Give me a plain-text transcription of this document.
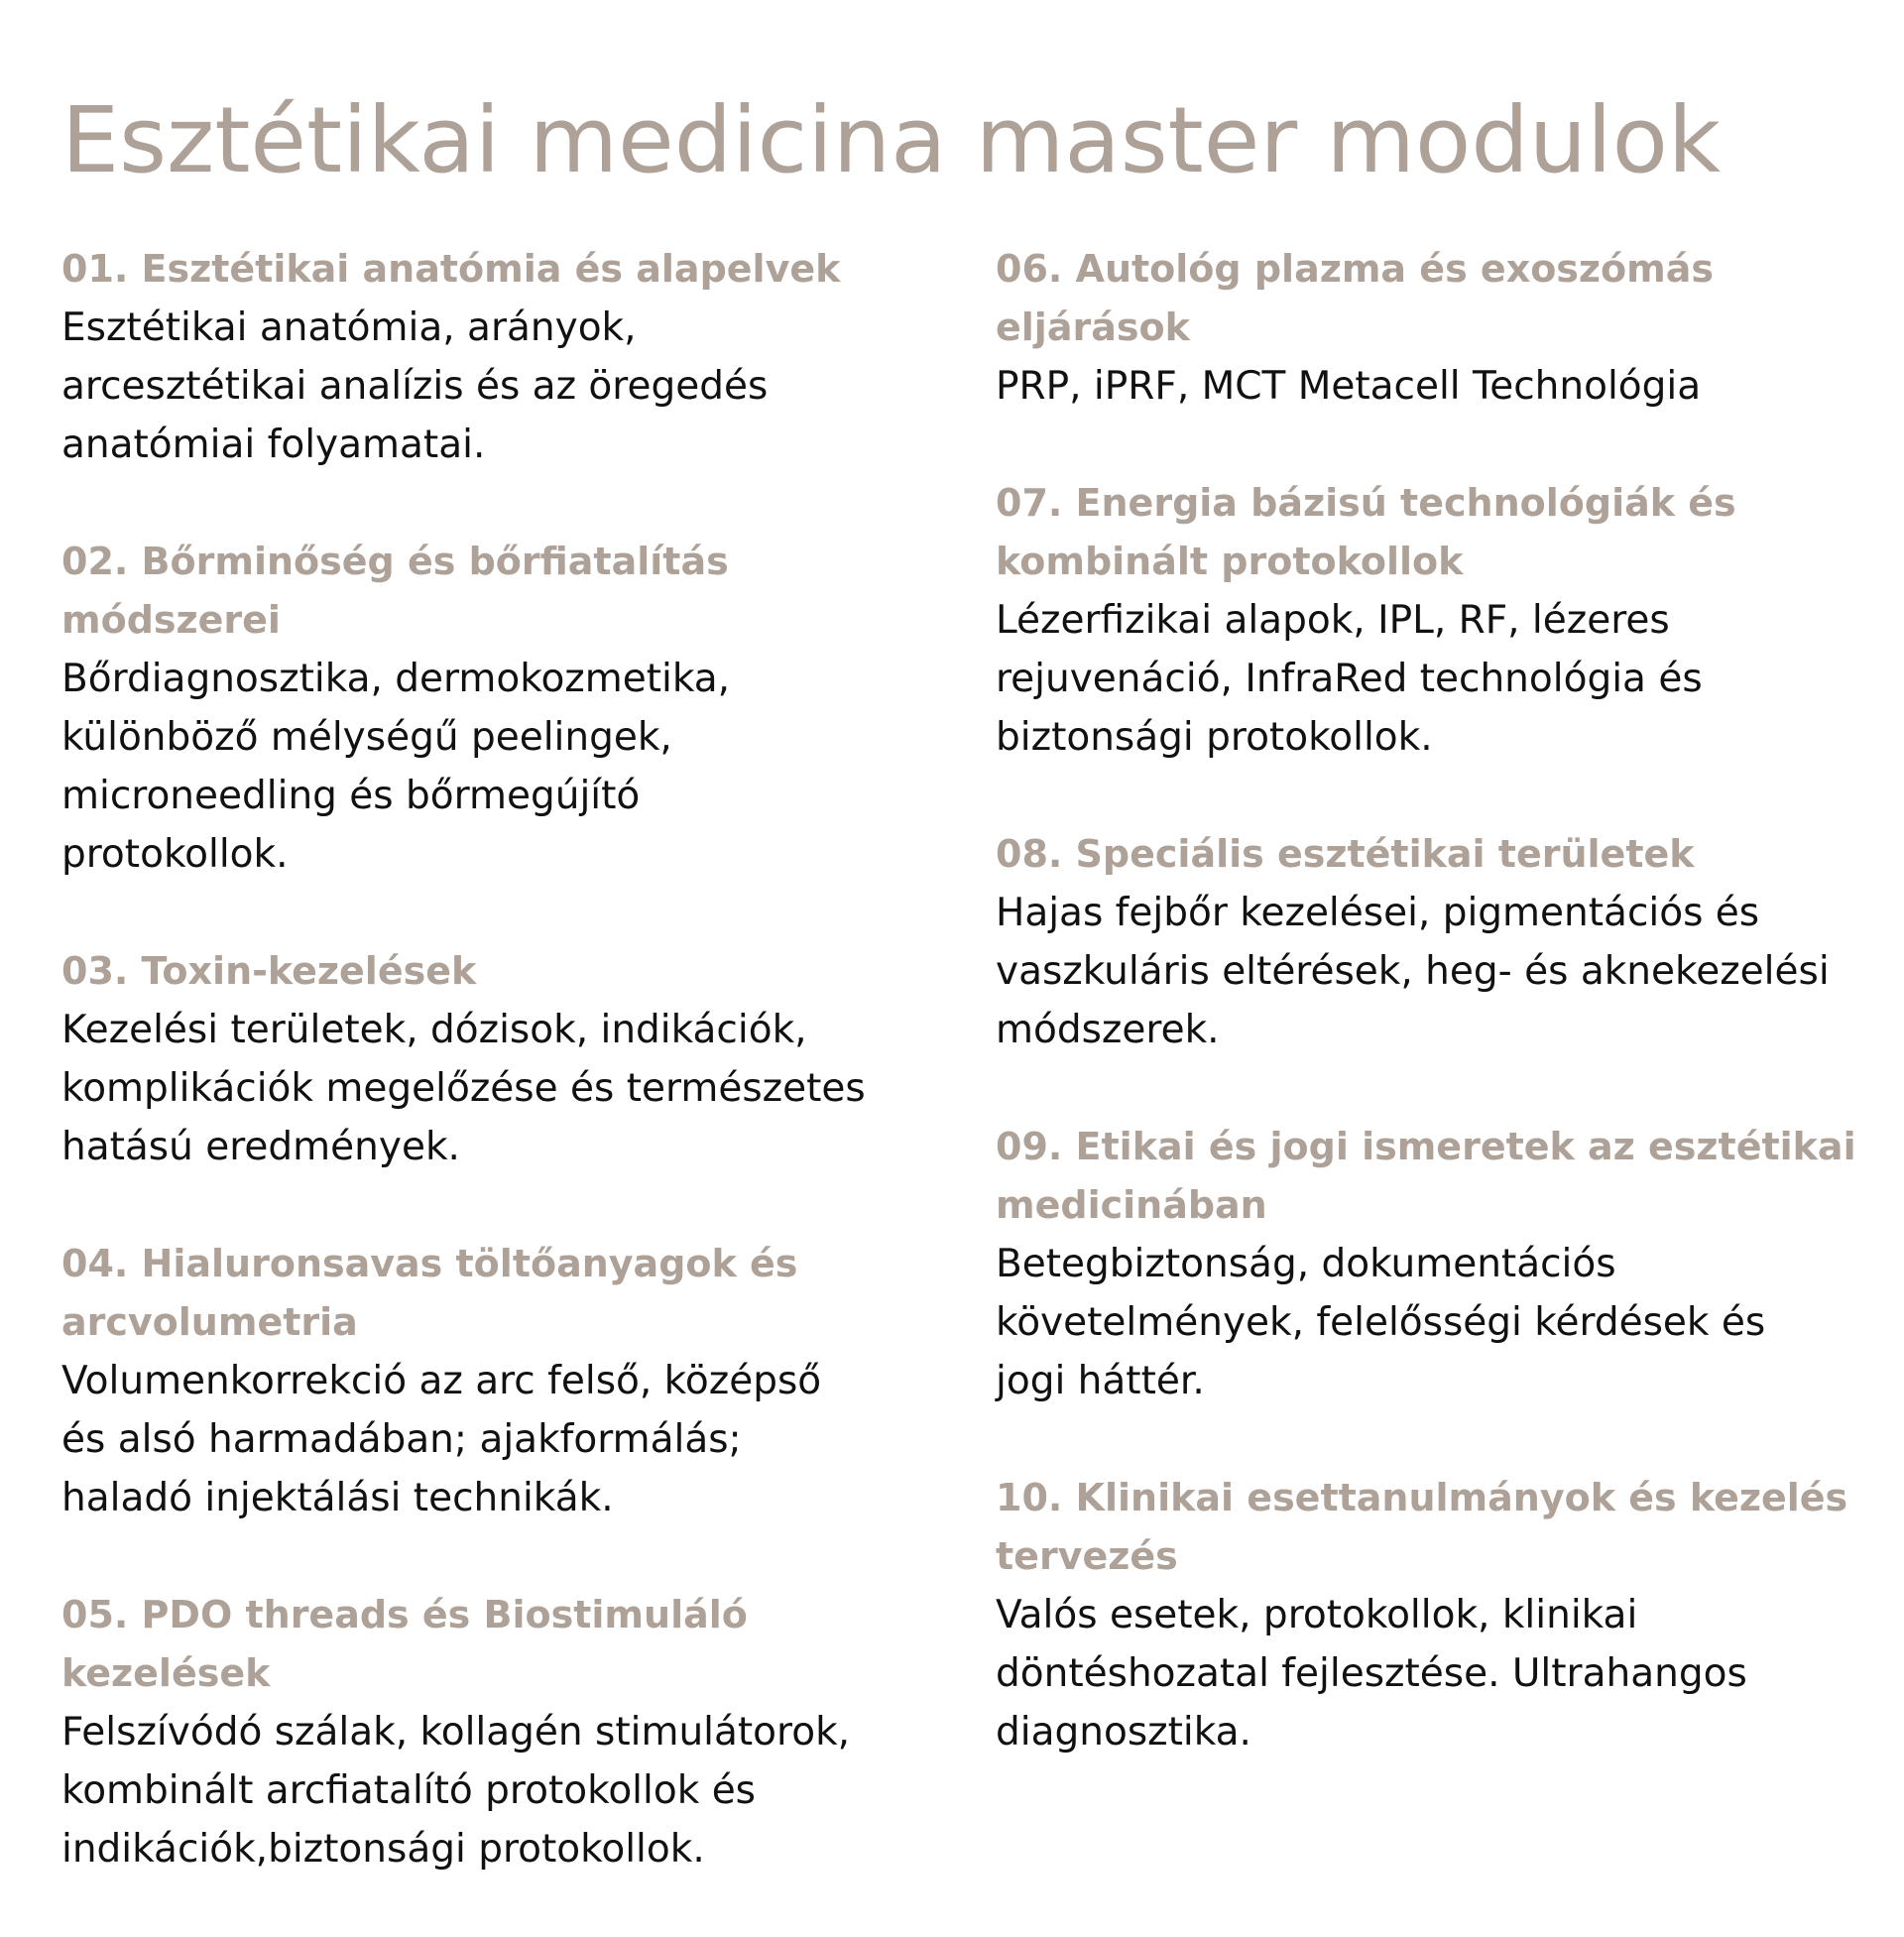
Esztétikai medicina master modulok
01. Esztétikai anatómia és alapelvek
Esztétikai anatómia, arányok,
arcesztétikai analízis és az öregedés
anatómiai folyamatai.
02. Bőrminőség és bőrfiatalítás
módszerei
Bőrdiagnosztika, dermokozmetika,
különböző mélységű peelingek,
microneedling és bőrmegújító
protokollok.
03. Toxin-kezelések
Kezelési területek, dózisok, indikációk,
komplikációk megelőzése és természetes
hatású eredmények.
04. Hialuronsavas töltőanyagok és
arcvolumetria
Volumenkorrekció az arc felső, középső
és alsó harmadában; ajakformálás;
haladó injektálási technikák.
05. PDO threads és Biostimuláló
kezelések
Felszívódó szálak, kollagén stimulátorok,
kombinált arcfiatalító protokollok és
indikációk,biztonsági protokollok.
06. Autológ plazma és exoszómás
eljárások
PRP, iPRF, MCT Metacell Technológia
07. Energia bázisú technológiák és
kombinált protokollok
Lézerfizikai alapok, IPL, RF, lézeres
rejuvenáció, InfraRed technológia és
biztonsági protokollok.
08. Speciális esztétikai területek
Hajas fejbőr kezelései, pigmentációs és
vaszkuláris eltérések, heg- és aknekezelési
módszerek.
09. Etikai és jogi ismeretek az esztétikai
medicinában
Betegbiztonság, dokumentációs
követelmények, felelősségi kérdések és
jogi háttér.
10. Klinikai esettanulmányok és kezelés
tervezés
Valós esetek, protokollok, klinikai
döntéshozatal fejlesztése. Ultrahangos
diagnosztika.
